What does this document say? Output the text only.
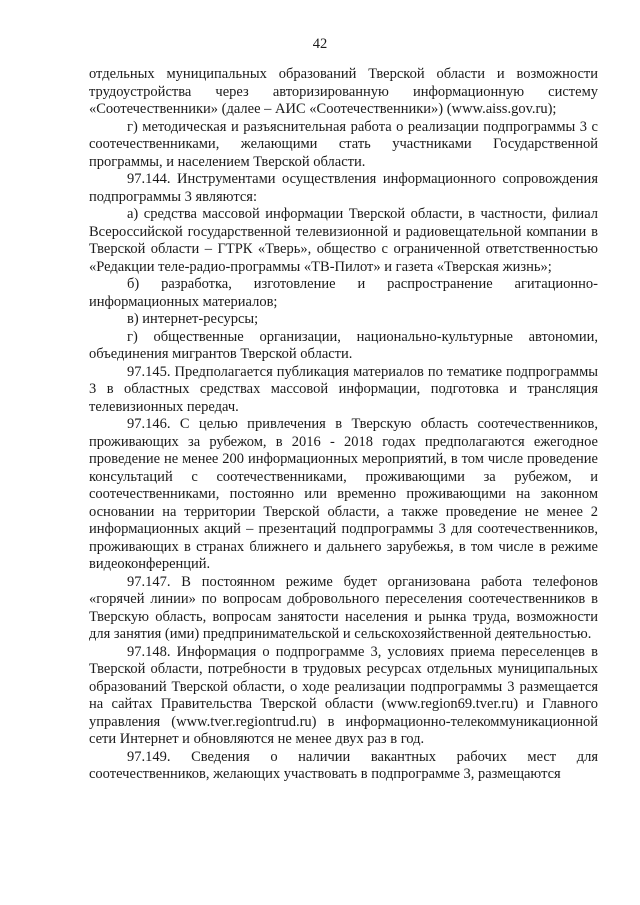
42

отдельных муниципальных образований Тверской области и возможности трудоустройства через авторизированную информационную систему «Соотечественники» (далее – АИС «Соотечественники») (www.aiss.gov.ru);

г) методическая и разъяснительная работа о реализации подпрограммы 3 с соотечественниками, желающими стать участниками Государственной программы, и населением Тверской области.

97.144. Инструментами осуществления информационного сопровождения подпрограммы 3 являются:

а) средства массовой информации Тверской области, в частности, филиал Всероссийской государственной телевизионной и радиовещательной компании в Тверской области – ГТРК «Тверь», общество с ограниченной ответственностью «Редакции теле-радио-программы «ТВ-Пилот» и газета «Тверская жизнь»;

б) разработка, изготовление и распространение агитационно-информационных материалов;

в) интернет-ресурсы;

г) общественные организации, национально-культурные автономии, объединения мигрантов Тверской области.

97.145. Предполагается публикация материалов по тематике подпрограммы 3 в областных средствах массовой информации, подготовка и трансляция телевизионных передач.

97.146. С целью привлечения в Тверскую область соотечественников, проживающих за рубежом, в 2016 - 2018 годах предполагаются ежегодное проведение не менее 200 информационных мероприятий, в том числе проведение консультаций с соотечественниками, проживающими за рубежом, и соотечественниками, постоянно или временно проживающими на законном основании на территории Тверской области, а также проведение не менее 2 информационных акций – презентаций подпрограммы 3 для соотечественников, проживающих в странах ближнего и дальнего зарубежья, в том числе в режиме видеоконференций.

97.147. В постоянном режиме будет организована работа телефонов «горячей линии» по вопросам добровольного переселения соотечественников в Тверскую область, вопросам занятости населения и рынка труда, возможности для занятия (ими) предпринимательской и сельскохозяйственной деятельностью.

97.148. Информация о подпрограмме 3, условиях приема переселенцев в Тверской области, потребности в трудовых ресурсах отдельных муниципальных образований Тверской области, о ходе реализации подпрограммы 3 размещается на сайтах Правительства Тверской области (www.region69.tver.ru) и Главного управления (www.tver.regiontrud.ru) в информационно-телекоммуникационной сети Интернет и обновляются не менее двух раз в год.

97.149. Сведения о наличии вакантных рабочих мест для соотечественников, желающих участвовать в подпрограмме 3, размещаются
